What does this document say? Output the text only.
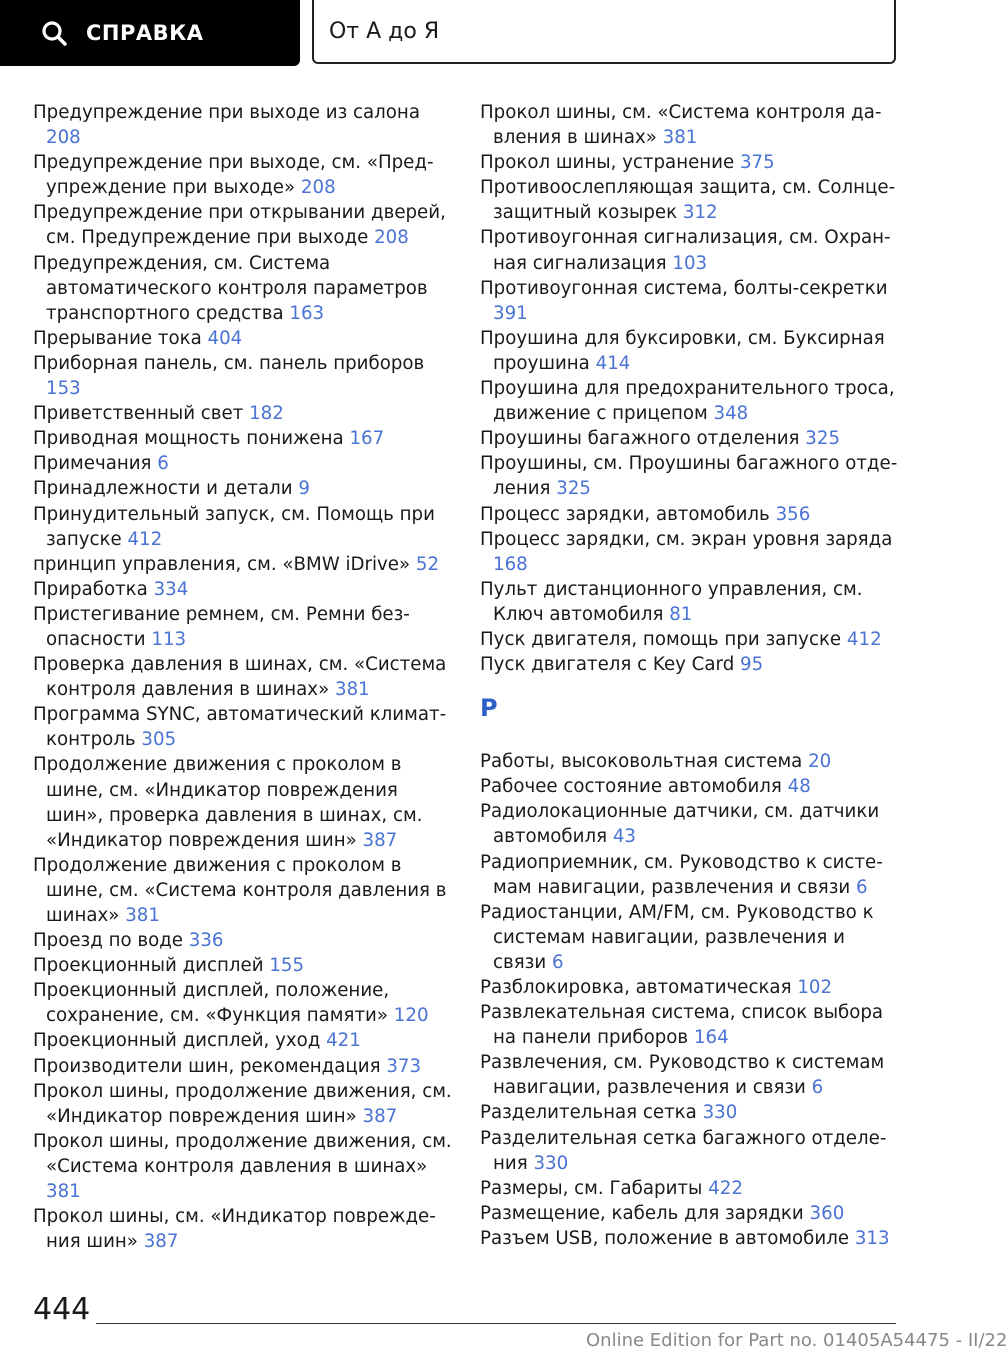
СПРАВКА	От А до Я

Предупреждение при выходе из салона 208

Предупреждение при выходе, см. «Предупреждение при выходе» 208

Предупреждение при открывании дверей, см. Предупреждение при выходе 208

Предупреждения, см. Система автоматического контроля параметров транспортного средства 163

Прерывание тока 404

Приборная панель, см. панель приборов 153

Приветственный свет 182

Приводная мощность понижена 167

Примечания 6

Принадлежности и детали 9

Принудительный запуск, см. Помощь при запуске 412

принцип управления, см. «BMW iDrive» 52

Приработка 334

Пристегивание ремнем, см. Ремни безопасности 113

Проверка давления в шинах, см. «Система контроля давления в шинах» 381

Программа SYNC, автоматический климат-контроль 305

Продолжение движения с проколом в шине, см. «Индикатор повреждения шин», проверка давления в шинах, см. «Индикатор повреждения шин» 387

Продолжение движения с проколом в шине, см. «Система контроля давления в шинах» 381

Проезд по воде 336

Проекционный дисплей 155

Проекционный дисплей, положение, сохранение, см. «Функция памяти» 120

Проекционный дисплей, уход 421

Производители шин, рекомендация 373

Прокол шины, продолжение движения, см. «Индикатор повреждения шин» 387

Прокол шины, продолжение движения, см. «Система контроля давления в шинах» 381

Прокол шины, см. «Индикатор повреждения шин» 387

Прокол шины, см. «Система контроля давления в шинах» 381

Прокол шины, устранение 375

Противоослепляющая защита, см. Солнцезащитный козырек 312

Противоугонная сигнализация, см. Охранная сигнализация 103

Противоугонная система, болты-секретки 391

Проушина для буксировки, см. Буксирная проушина 414

Проушина для предохранительного троса, движение с прицепом 348

Проушины багажного отделения 325

Проушины, см. Проушины багажного отделения 325

Процесс зарядки, автомобиль 356

Процесс зарядки, см. экран уровня заряда 168

Пульт дистанционного управления, см. Ключ автомобиля 81

Пуск двигателя, помощь при запуске 412

Пуск двигателя с Key Card 95

Р

Работы, высоковольтная система 20

Рабочее состояние автомобиля 48

Радиолокационные датчики, см. датчики автомобиля 43

Радиоприемник, см. Руководство к системам навигации, развлечения и связи 6

Радиостанции, AM/FM, см. Руководство к системам навигации, развлечения и связи 6

Разблокировка, автоматическая 102

Развлекательная система, список выбора на панели приборов 164

Развлечения, см. Руководство к системам навигации, развлечения и связи 6

Разделительная сетка 330

Разделительная сетка багажного отделения 330

Размеры, см. Габариты 422

Размещение, кабель для зарядки 360

Разъем USB, положение в автомобиле 313

444
Online Edition for Part no. 01405A54475 - II/22
